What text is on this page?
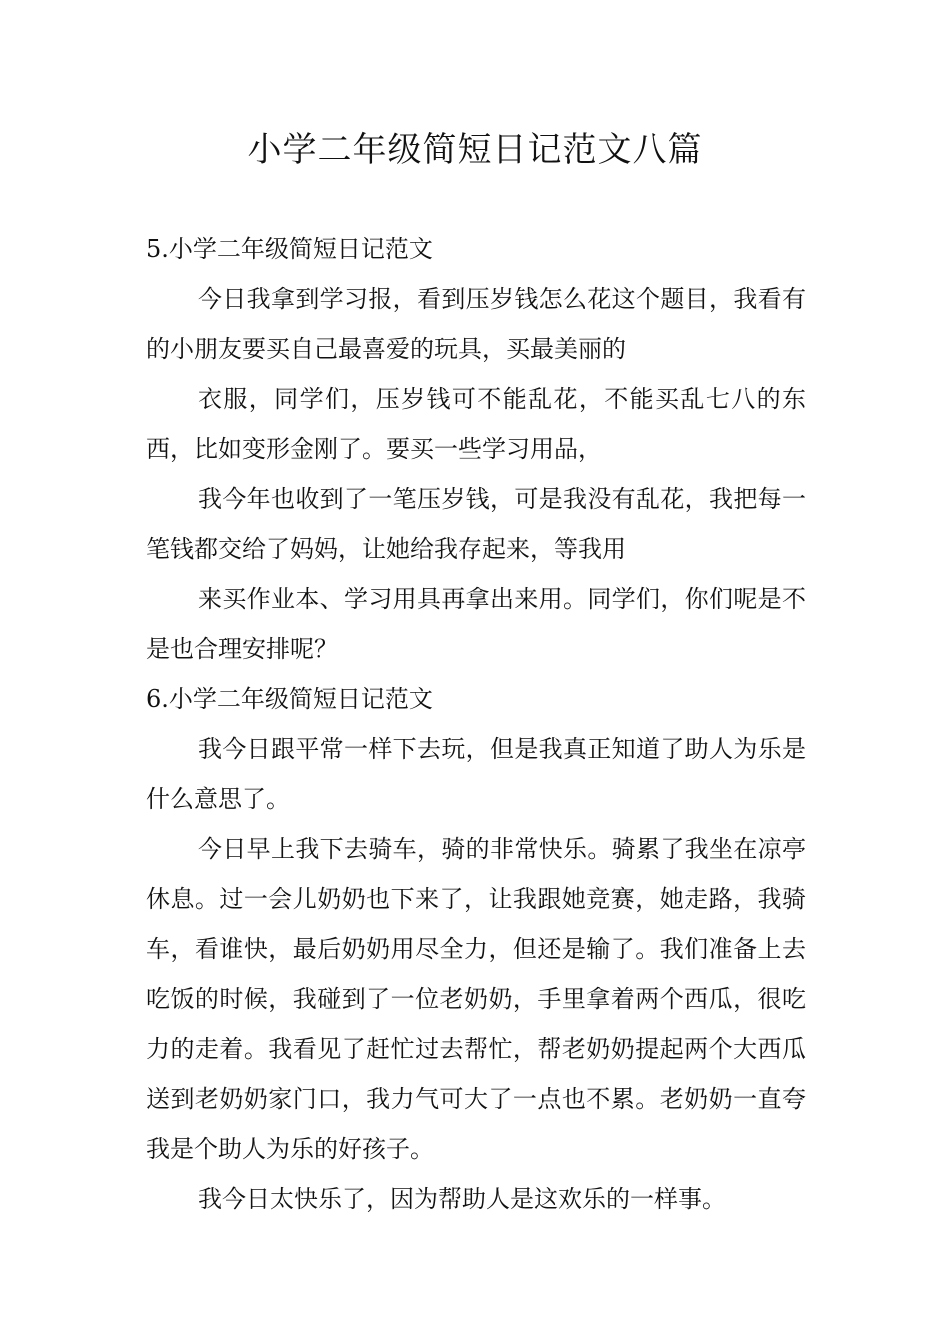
小学二年级简短日记范文八篇

5.小学二年级简短日记范文

今日我拿到学习报，看到压岁钱怎么花这个题目，我看有的小朋友要买自己最喜爱的玩具，买最美丽的

衣服，同学们，压岁钱可不能乱花，不能买乱七八的东西，比如变形金刚了。要买一些学习用品，

我今年也收到了一笔压岁钱，可是我没有乱花，我把每一笔钱都交给了妈妈，让她给我存起来，等我用

来买作业本、学习用具再拿出来用。同学们，你们呢是不是也合理安排呢？

6.小学二年级简短日记范文

我今日跟平常一样下去玩，但是我真正知道了助人为乐是什么意思了。

今日早上我下去骑车，骑的非常快乐。骑累了我坐在凉亭休息。过一会儿奶奶也下来了，让我跟她竞赛，她走路，我骑车，看谁快，最后奶奶用尽全力，但还是输了。我们准备上去吃饭的时候，我碰到了一位老奶奶，手里拿着两个西瓜，很吃力的走着。我看见了赶忙过去帮忙，帮老奶奶提起两个大西瓜送到老奶奶家门口，我力气可大了一点也不累。老奶奶一直夸我是个助人为乐的好孩子。

我今日太快乐了，因为帮助人是这欢乐的一样事。
